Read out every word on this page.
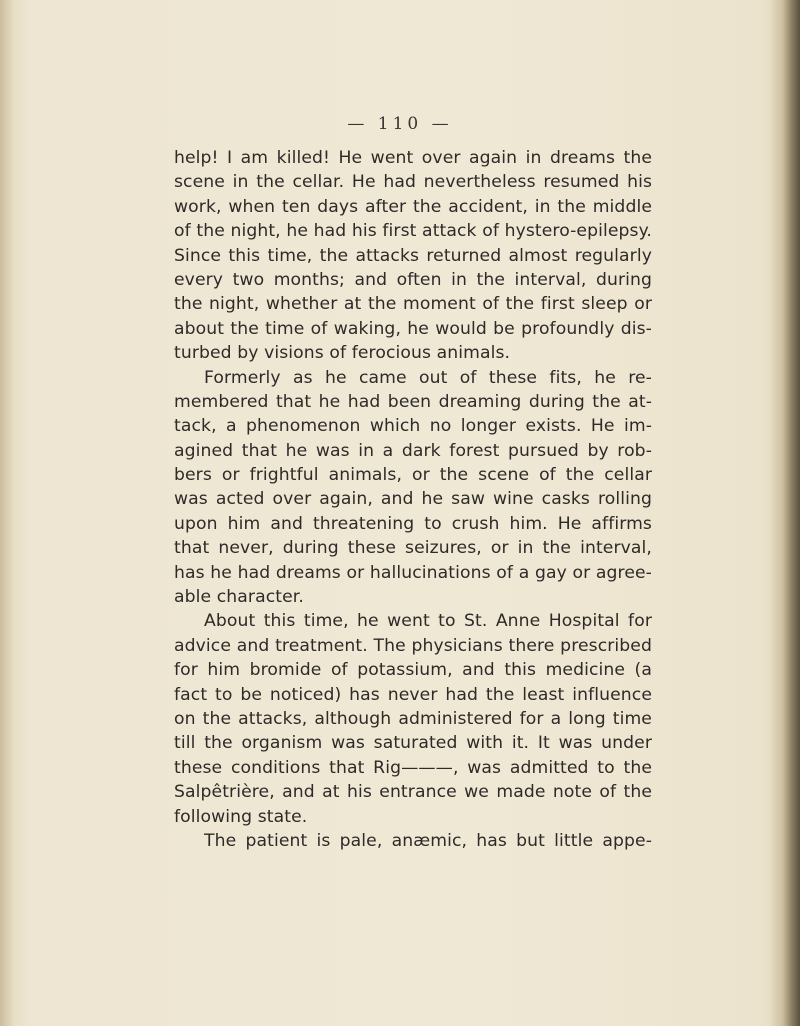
— 110 —
help! I am killed! He went over again in dreams the
scene in the cellar. He had nevertheless resumed his
work, when ten days after the accident, in the middle
of the night, he had his first attack of hystero-epilepsy.
Since this time, the attacks returned almost regularly
every two months; and often in the interval, during
the night, whether at the moment of the first sleep or
about the time of waking, he would be profoundly dis-
turbed by visions of ferocious animals.
Formerly as he came out of these fits, he re-
membered that he had been dreaming during the at-
tack, a phenomenon which no longer exists. He im-
agined that he was in a dark forest pursued by rob-
bers or frightful animals, or the scene of the cellar
was acted over again, and he saw wine casks rolling
upon him and threatening to crush him. He affirms
that never, during these seizures, or in the interval,
has he had dreams or hallucinations of a gay or agree-
able character.
About this time, he went to St. Anne Hospital for
advice and treatment. The physicians there prescribed
for him bromide of potassium, and this medicine (a
fact to be noticed) has never had the least influence
on the attacks, although administered for a long time
till the organism was saturated with it. It was under
these conditions that Rig———, was admitted to the
Salpêtrière, and at his entrance we made note of the
following state.
The patient is pale, anæmic, has but little appe-
